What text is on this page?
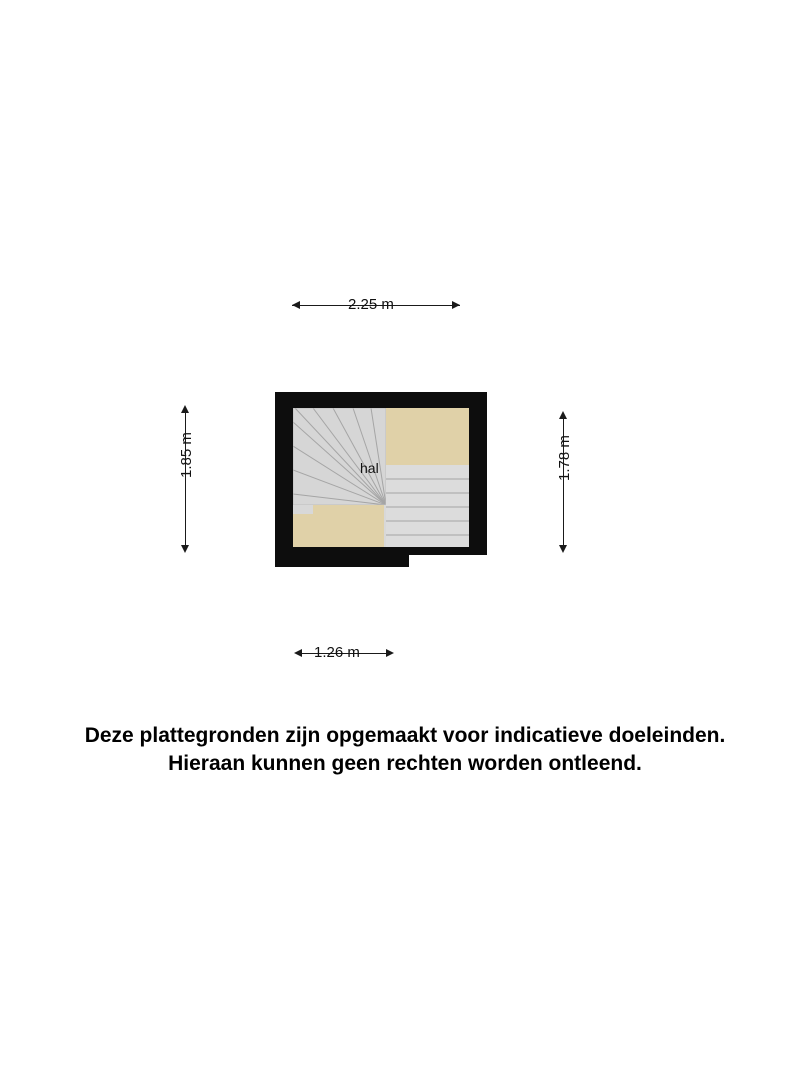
2.25 m
1.85 m	1.78 m
1.26 m
hal
Deze plattegronden zijn opgemaakt voor indicatieve doeleinden.
Hieraan kunnen geen rechten worden ontleend.
